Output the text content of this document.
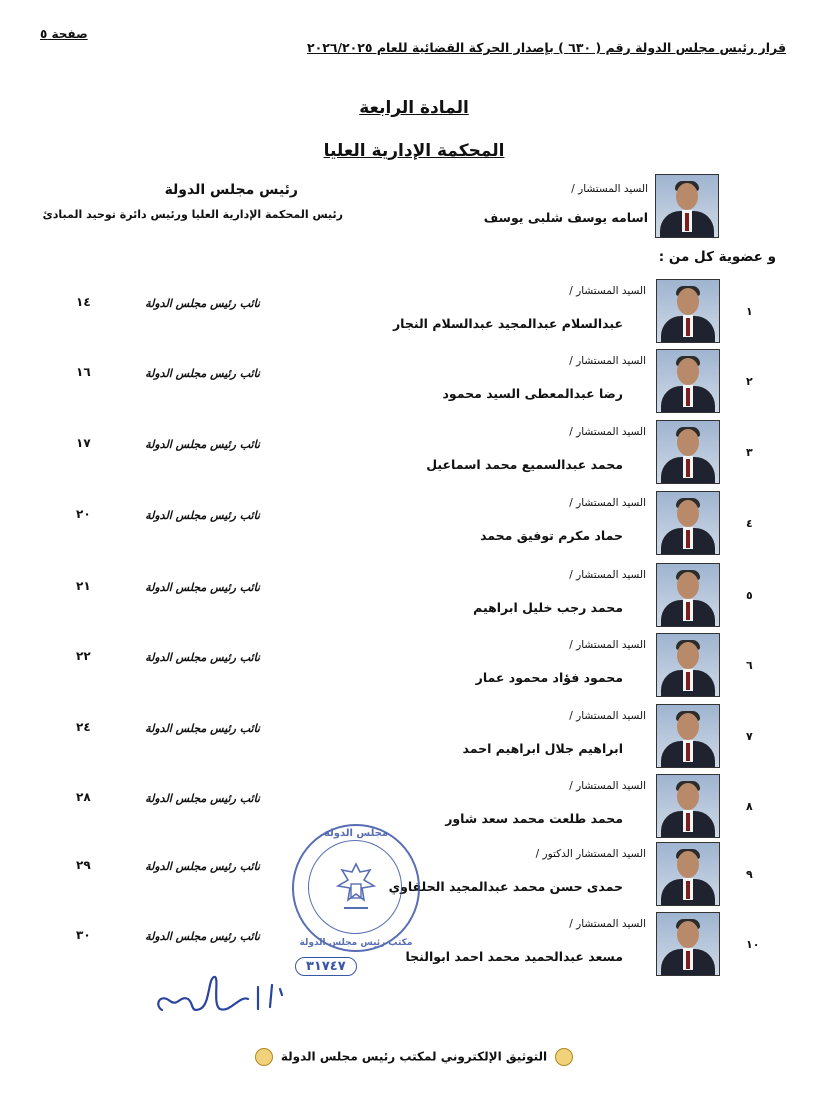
صفحة ٥
قرار رئيس مجلس الدولة رقم ( ٦٣٠ ) بإصدار الحركة القضائية للعام ٢٠٢٦/٢٠٢٥
المادة الرابعة
المحكمة الإدارية العليا
السيد المستشار /
اسامه يوسف شلبى يوسف
رئيس مجلس الدولة
رئيس المحكمة الإدارية العليا ورئيس دائرة توحيد المبادئ
و عضوية كل من :
١
السيد المستشار /
عبدالسلام عبدالمجيد عبدالسلام النجار
نائب رئيس مجلس الدولة
١٤
٢
السيد المستشار /
رضا عبدالمعطى السيد محمود
نائب رئيس مجلس الدولة
١٦
٣
السيد المستشار /
محمد عبدالسميع محمد اسماعيل
نائب رئيس مجلس الدولة
١٧
٤
السيد المستشار /
حماد مكرم توفيق محمد
نائب رئيس مجلس الدولة
٢٠
٥
السيد المستشار /
محمد رجب خليل ابراهيم
نائب رئيس مجلس الدولة
٢١
٦
السيد المستشار /
محمود فؤاد محمود عمار
نائب رئيس مجلس الدولة
٢٢
٧
السيد المستشار /
ابراهيم جلال ابراهيم احمد
نائب رئيس مجلس الدولة
٢٤
٨
السيد المستشار /
محمد طلعت محمد سعد شاور
نائب رئيس مجلس الدولة
٢٨
٩
السيد المستشار الدكتور /
حمدى حسن محمد عبدالمجيد الحلفاوي
نائب رئيس مجلس الدولة
٢٩
١٠
السيد المستشار /
مسعد عبدالحميد محمد احمد ابوالنجا
نائب رئيس مجلس الدولة
٣٠
مجلس الدولة
مكتب رئيس مجلس الدولة
٣١٧٤٧
التوثيق الإلكتروني لمكتب رئيس مجلس الدولة
